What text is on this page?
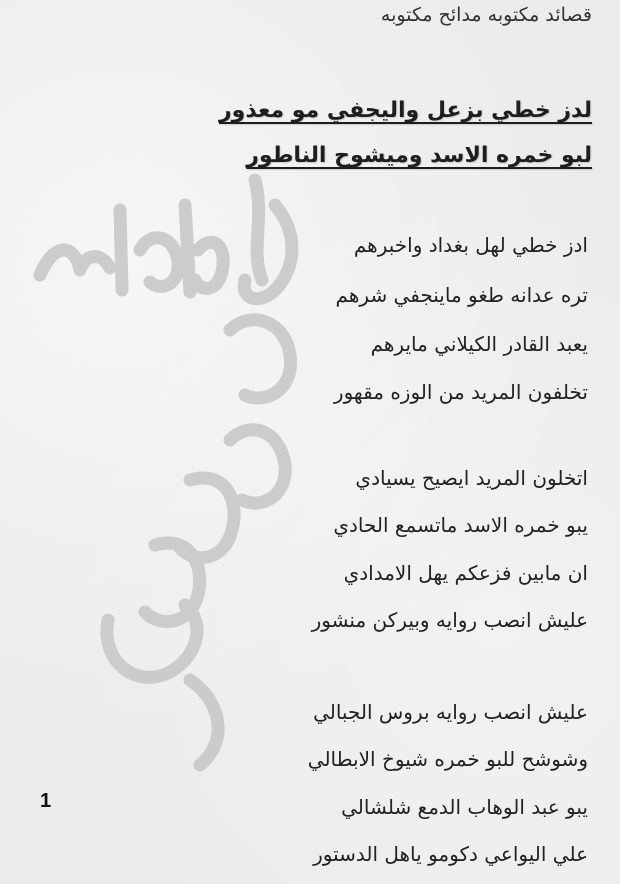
قصائد مكتوبه مدائح مكتوبه
لدز خطي بزعل واليجفي مو معذور
لبو خمره الاسد وميشوح الناطور
ادز خطي لهل بغداد واخبرهم
تره عدانه طغو ماينجفي شرهم
يعبد القادر الكيلاني مايرهم
تخلفون المريد من الوزه مقهور
اتخلون المريد ايصيح يسيادي
يبو خمره الاسد ماتسمع الحادي
ان مابين فزعكم يهل الامدادي
عليش انصب روايه وبيركن منشور
عليش انصب روايه بروس الجبالي
وشوشح للبو خمره شيوخ الابطالي
يبو عبد الوهاب الدمع شلشالي
علي اليواعي دكومو ياهل الدستور
1
